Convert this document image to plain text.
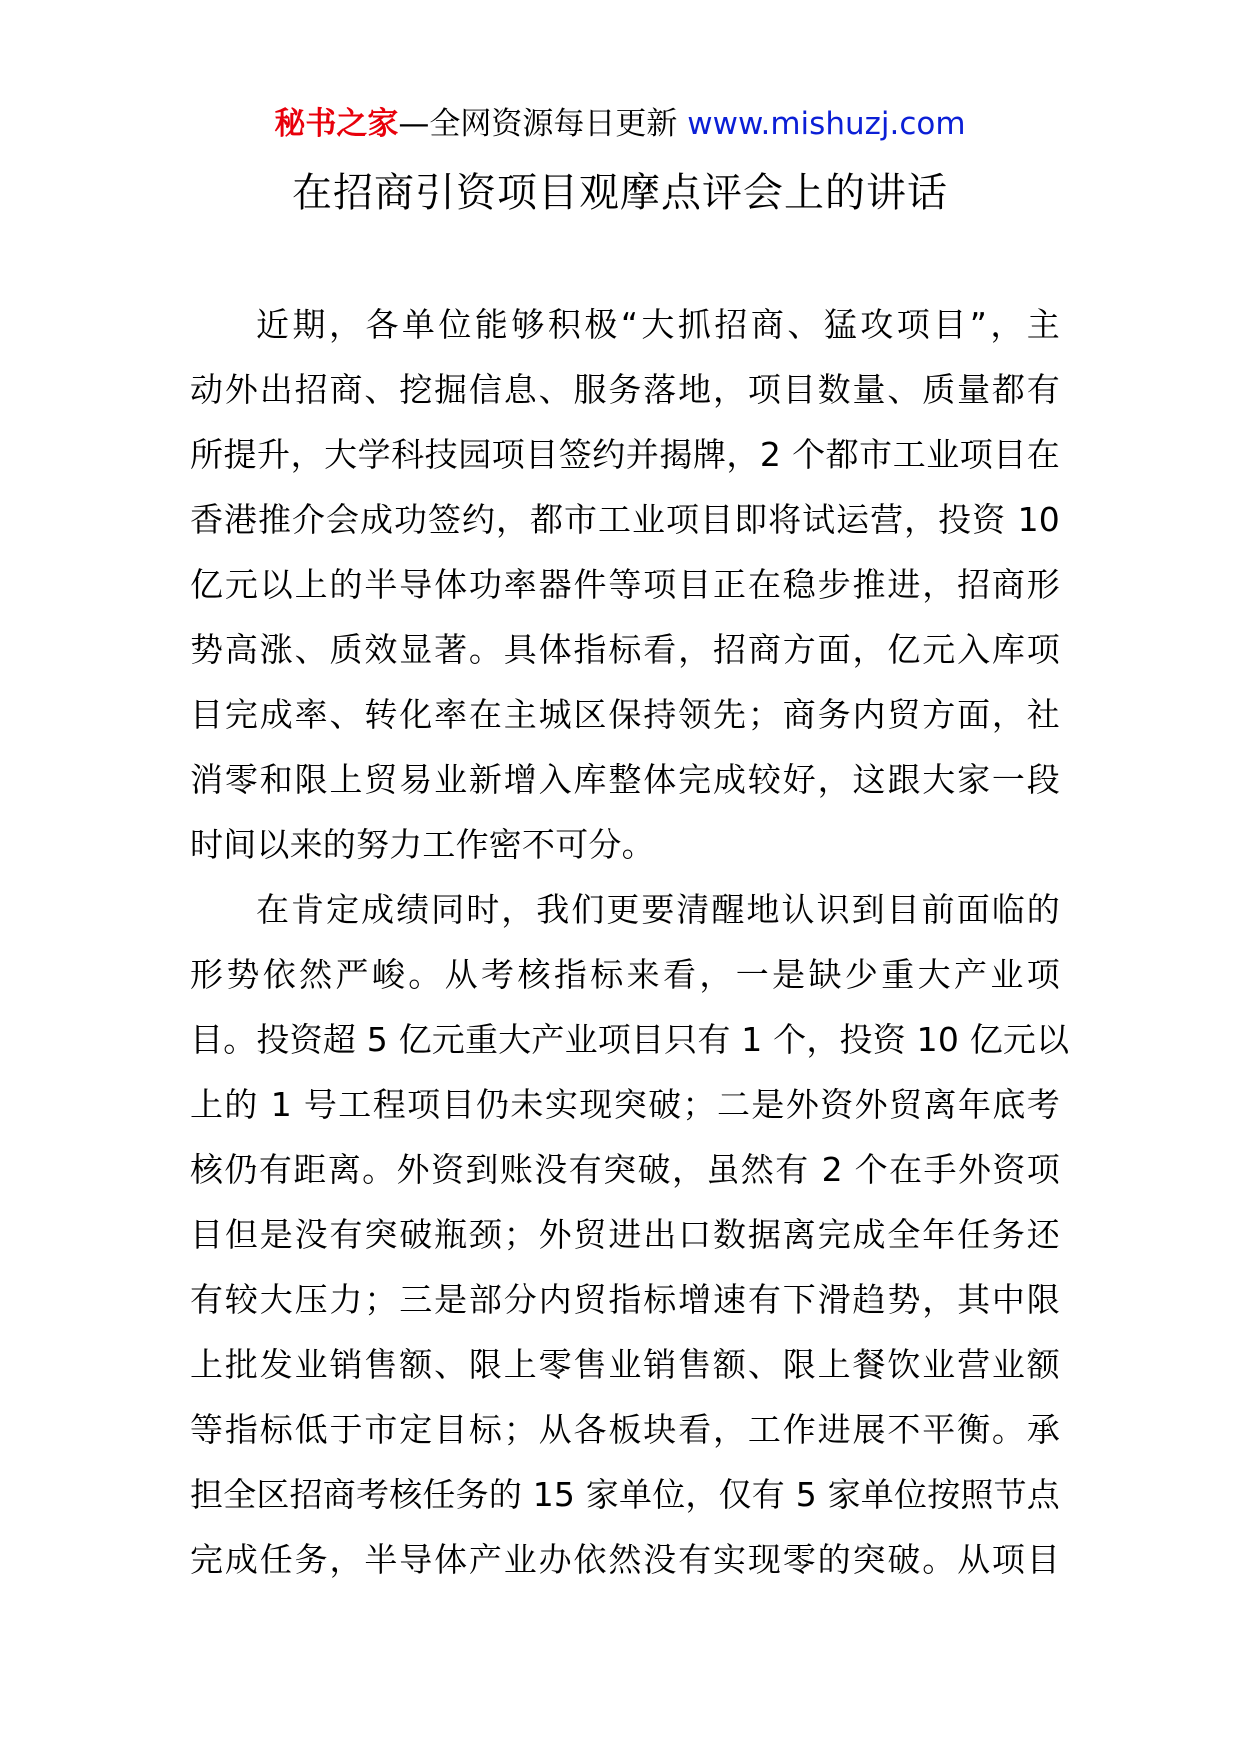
秘书之家—全网资源每日更新 www.mishuzj.com
在招商引资项目观摩点评会上的讲话
近期，各单位能够积极“大抓招商、猛攻项目”，主
动外出招商、挖掘信息、服务落地，项目数量、质量都有
所提升，大学科技园项目签约并揭牌，2 个都市工业项目在
香港推介会成功签约，都市工业项目即将试运营，投资 10
亿元以上的半导体功率器件等项目正在稳步推进，招商形
势高涨、质效显著。具体指标看，招商方面，亿元入库项
目完成率、转化率在主城区保持领先；商务内贸方面，社
消零和限上贸易业新增入库整体完成较好，这跟大家一段
时间以来的努力工作密不可分。
在肯定成绩同时，我们更要清醒地认识到目前面临的
形势依然严峻。从考核指标来看，一是缺少重大产业项
目。投资超 5 亿元重大产业项目只有 1 个，投资 10 亿元以
上的 1 号工程项目仍未实现突破；二是外资外贸离年底考
核仍有距离。外资到账没有突破，虽然有 2 个在手外资项
目但是没有突破瓶颈；外贸进出口数据离完成全年任务还
有较大压力；三是部分内贸指标增速有下滑趋势，其中限
上批发业销售额、限上零售业销售额、限上餐饮业营业额
等指标低于市定目标；从各板块看，工作进展不平衡。承
担全区招商考核任务的 15 家单位，仅有 5 家单位按照节点
完成任务，半导体产业办依然没有实现零的突破。从项目
